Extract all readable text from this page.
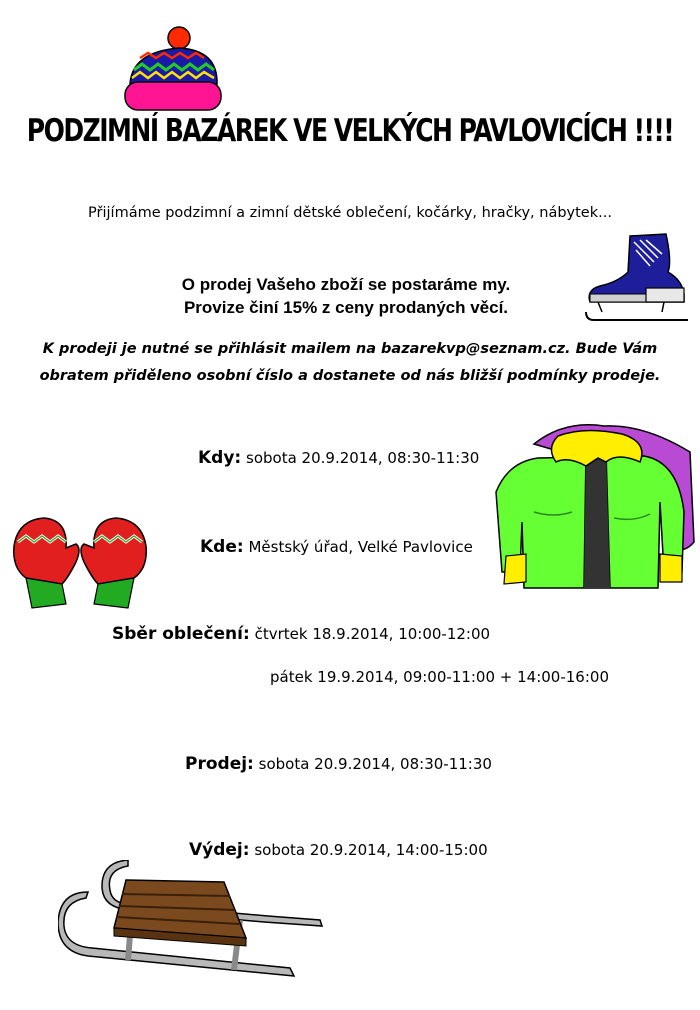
PODZIMNÍ BAZÁREK VE VELKÝCH PAVLOVICÍCH !!!!
Přijímáme podzimní a zimní dětské oblečení, kočárky, hračky, nábytek...
O prodej Vašeho zboží se postaráme my.
Provize činí 15% z ceny prodaných věcí.
K prodeji je nutné se přihlásit mailem na bazarekvp@seznam.cz. Bude Vám
obratem přiděleno osobní číslo a dostanete od nás bližší podmínky prodeje.
Kdy: sobota 20.9.2014, 08:30-11:30
Kde: Městský úřad, Velké Pavlovice
Sběr oblečení: čtvrtek 18.9.2014, 10:00-12:00
pátek 19.9.2014, 09:00-11:00 + 14:00-16:00
Prodej: sobota 20.9.2014, 08:30-11:30
Výdej: sobota 20.9.2014, 14:00-15:00
